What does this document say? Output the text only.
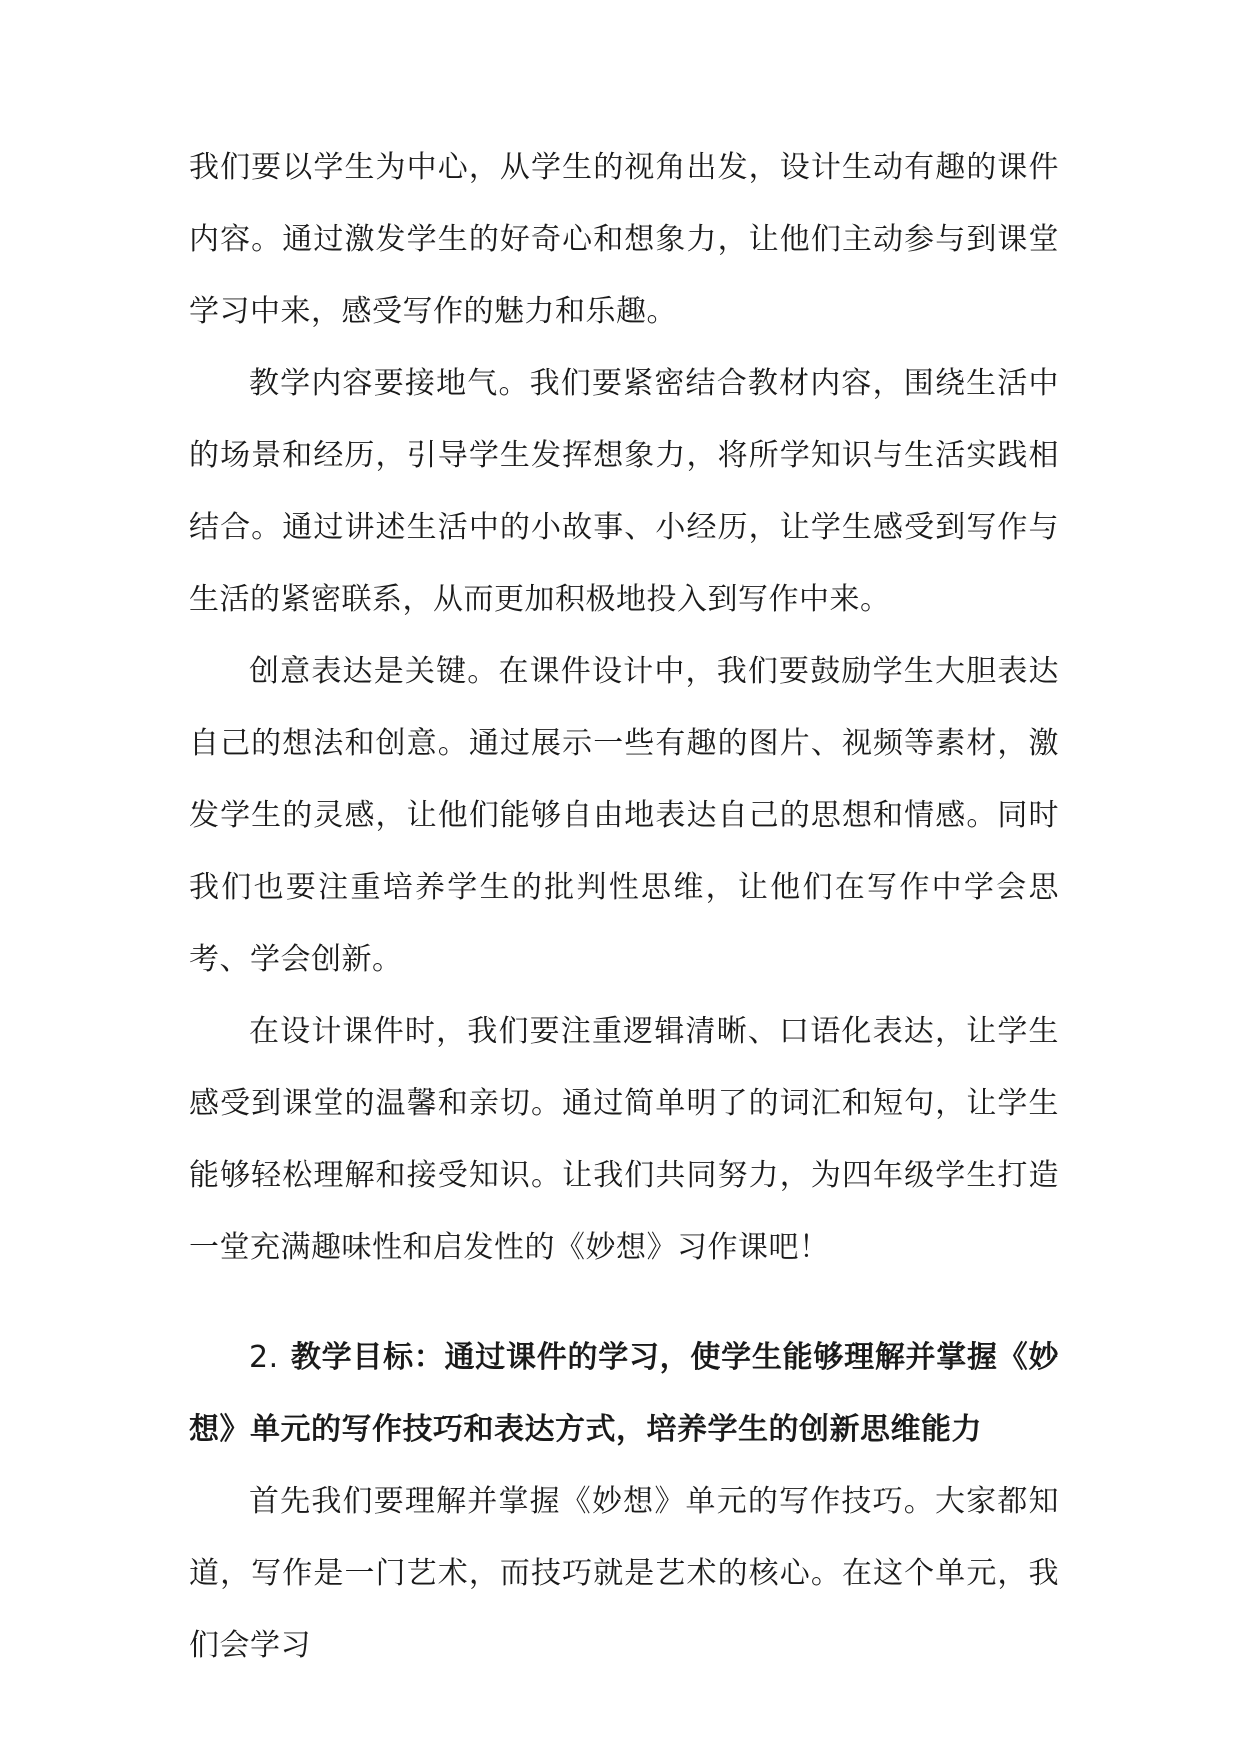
我们要以学生为中心，从学生的视角出发，设计生动有趣的课件内容。通过激发学生的好奇心和想象力，让他们主动参与到课堂学习中来，感受写作的魅力和乐趣。

教学内容要接地气。我们要紧密结合教材内容，围绕生活中的场景和经历，引导学生发挥想象力，将所学知识与生活实践相结合。通过讲述生活中的小故事、小经历，让学生感受到写作与生活的紧密联系，从而更加积极地投入到写作中来。

创意表达是关键。在课件设计中，我们要鼓励学生大胆表达自己的想法和创意。通过展示一些有趣的图片、视频等素材，激发学生的灵感，让他们能够自由地表达自己的思想和情感。同时我们也要注重培养学生的批判性思维，让他们在写作中学会思考、学会创新。

在设计课件时，我们要注重逻辑清晰、口语化表达，让学生感受到课堂的温馨和亲切。通过简单明了的词汇和短句，让学生能够轻松理解和接受知识。让我们共同努力，为四年级学生打造一堂充满趣味性和启发性的《妙想》习作课吧！

2. 教学目标：通过课件的学习，使学生能够理解并掌握《妙想》单元的写作技巧和表达方式，培养学生的创新思维能力

首先我们要理解并掌握《妙想》单元的写作技巧。大家都知道，写作是一门艺术，而技巧就是艺术的核心。在这个单元，我们会学习
